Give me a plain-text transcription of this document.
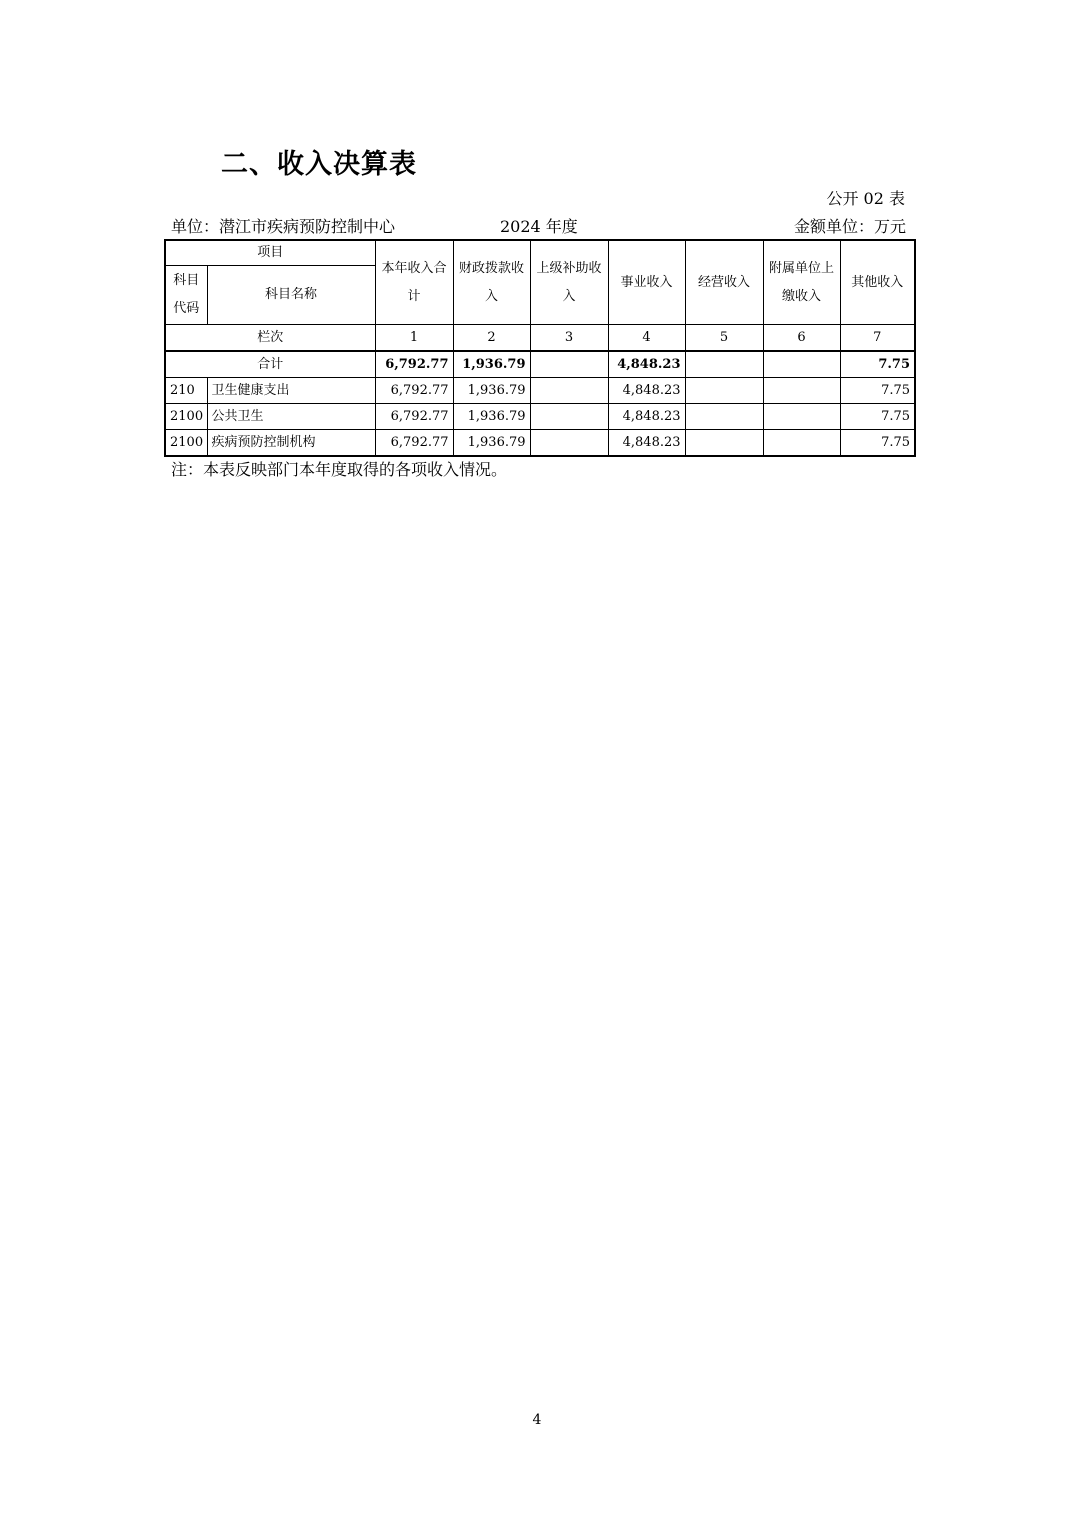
二、收入决算表
公开 02 表
单位：潜江市疾病预防控制中心	2024 年度	金额单位：万元
项目		本年收入合计	财政拨款收入	上级补助收入	事业收入	经营收入	附属单位上缴收入	其他收入
科目代码	科目名称							
栏次		1	2	3	4	5	6	7
合计		6,792.77	1,936.79		4,848.23			7.75
210	卫生健康支出	6,792.77	1,936.79		4,848.23			7.75
2100	公共卫生	6,792.77	1,936.79		4,848.23			7.75
2100	疾病预防控制机构	6,792.77	1,936.79		4,848.23			7.75
注：本表反映部门本年度取得的各项收入情况。
4
